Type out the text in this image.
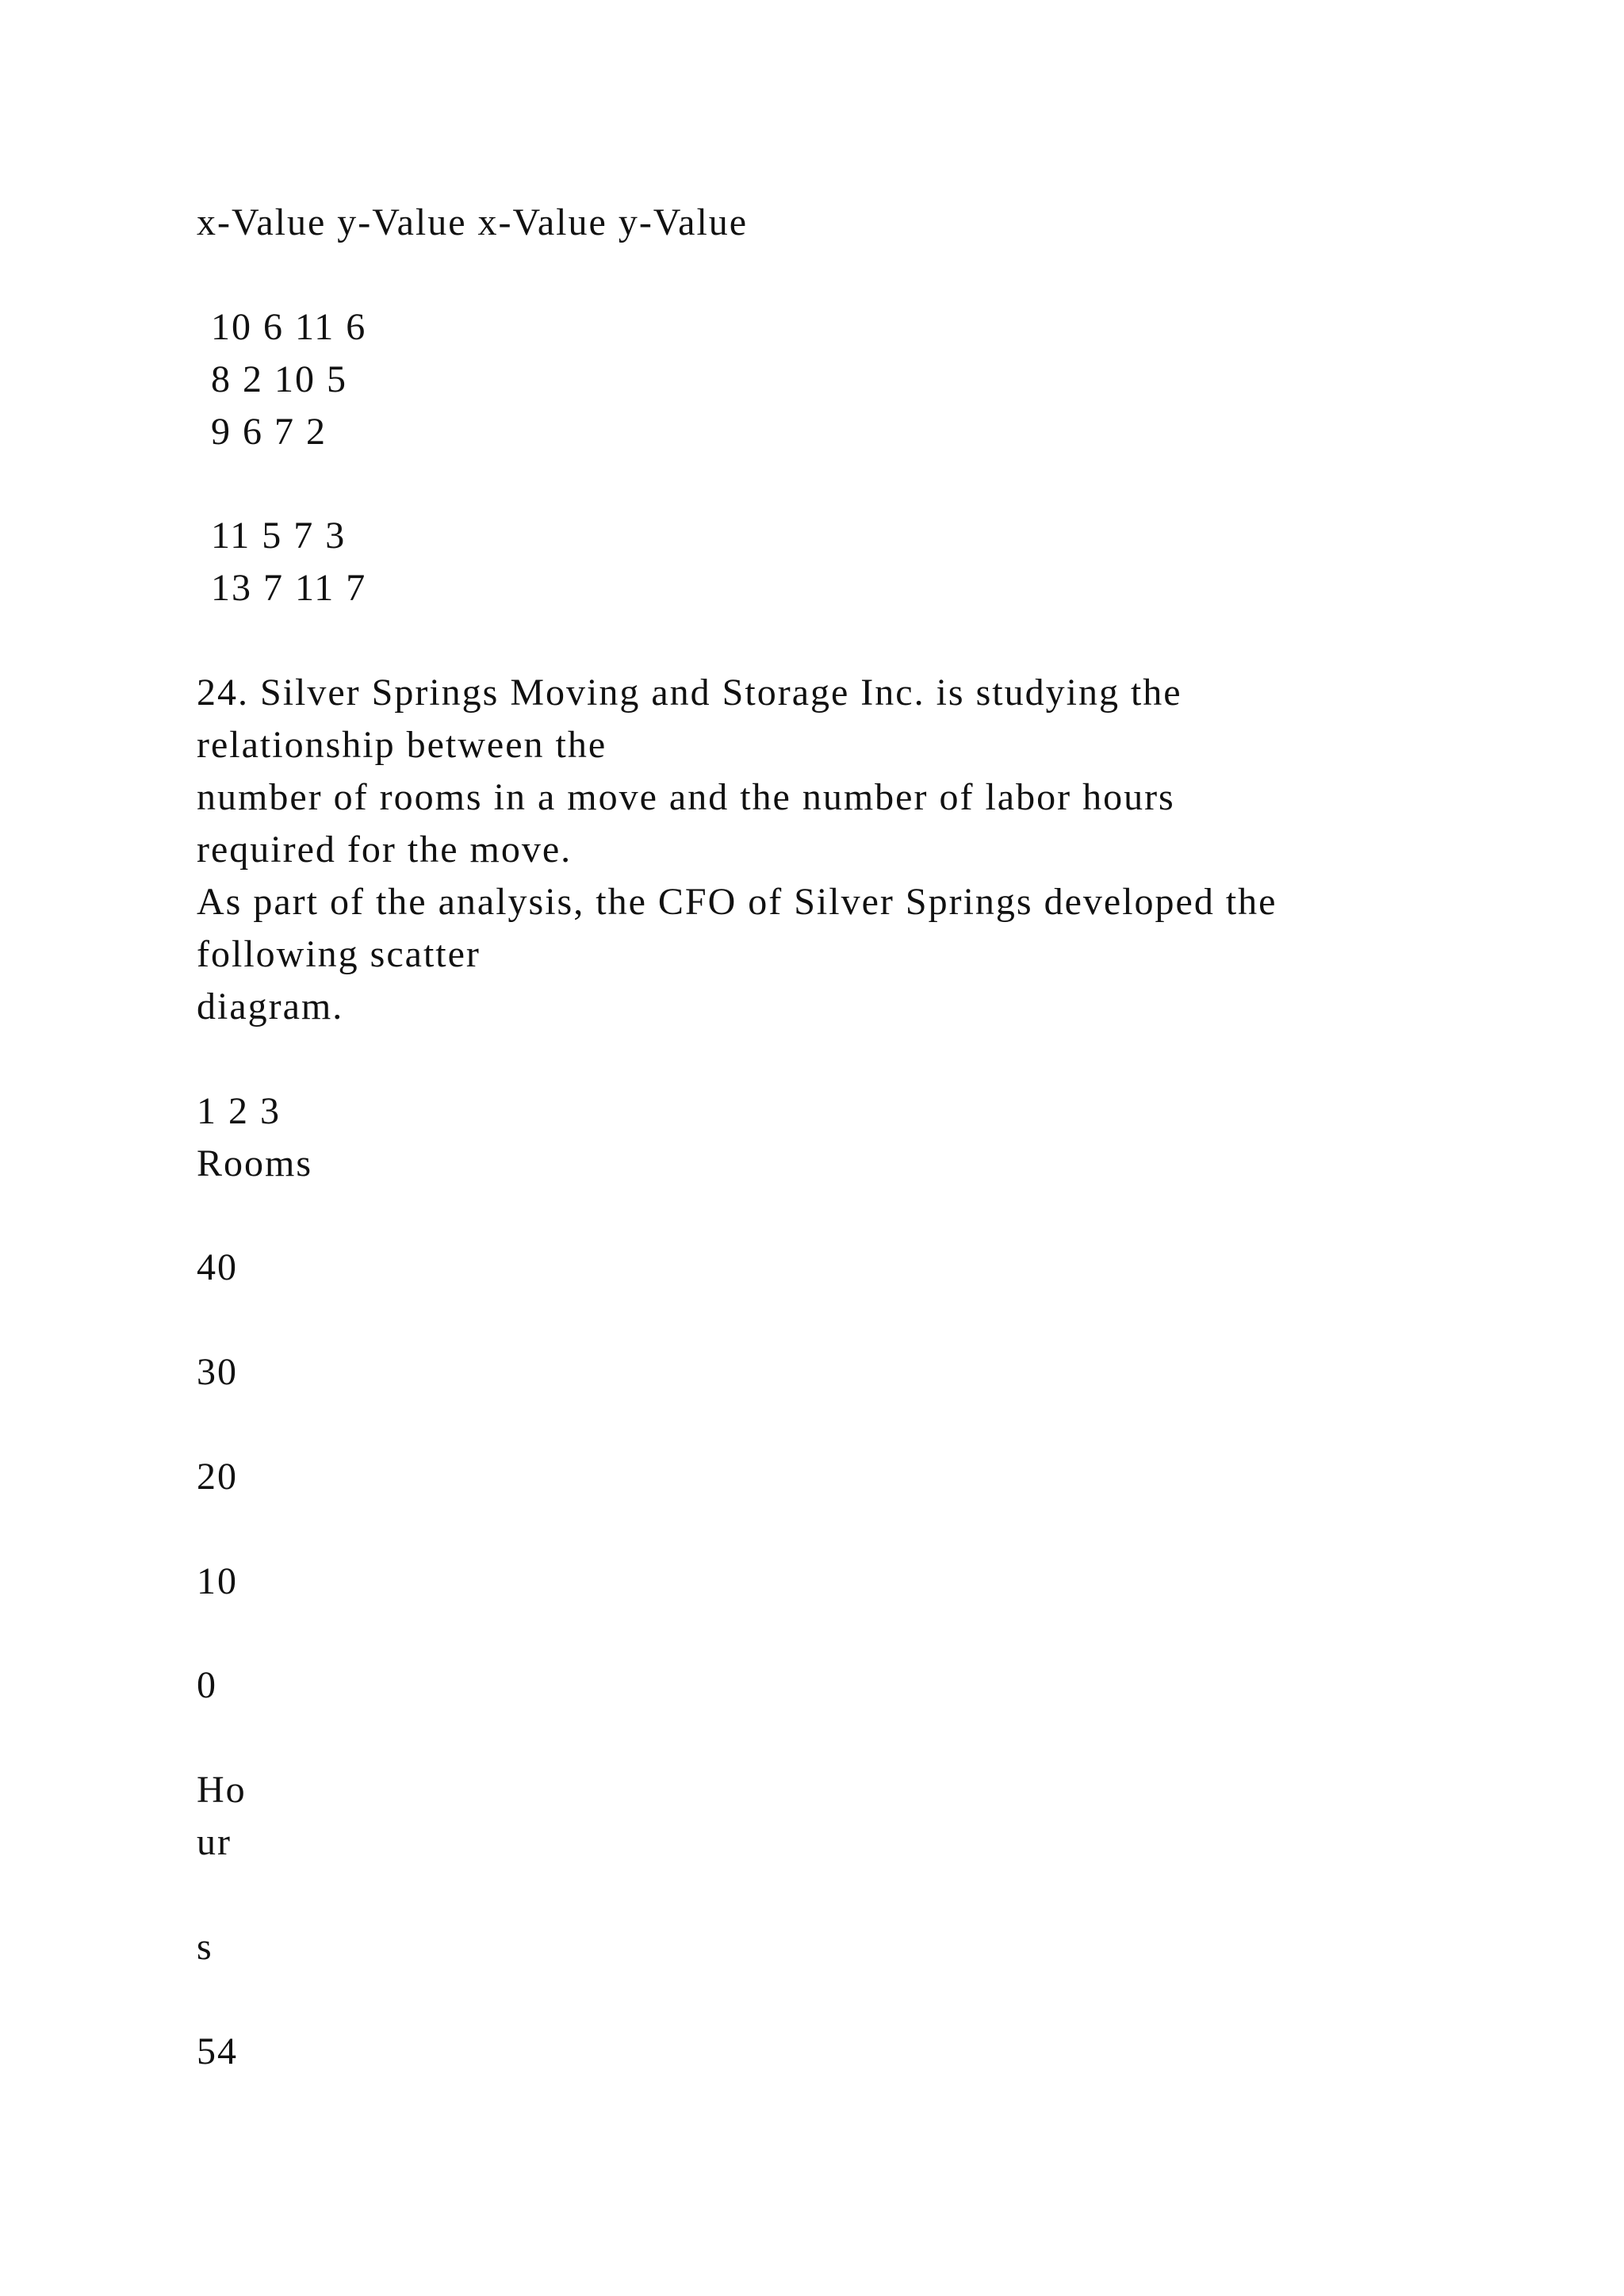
x-Value y-Value x-Value y-Value

10 6 11 6

8 2 10 5

9 6 7 2

11 5 7 3

13 7 11 7

24. Silver Springs Moving and Storage Inc. is studying the

relationship between the

number of rooms in a move and the number of labor hours

required for the move.

As part of the analysis, the CFO of Silver Springs developed the

following scatter

diagram.

1 2 3

Rooms

40

30

20

10

0

Ho

ur

s

54
